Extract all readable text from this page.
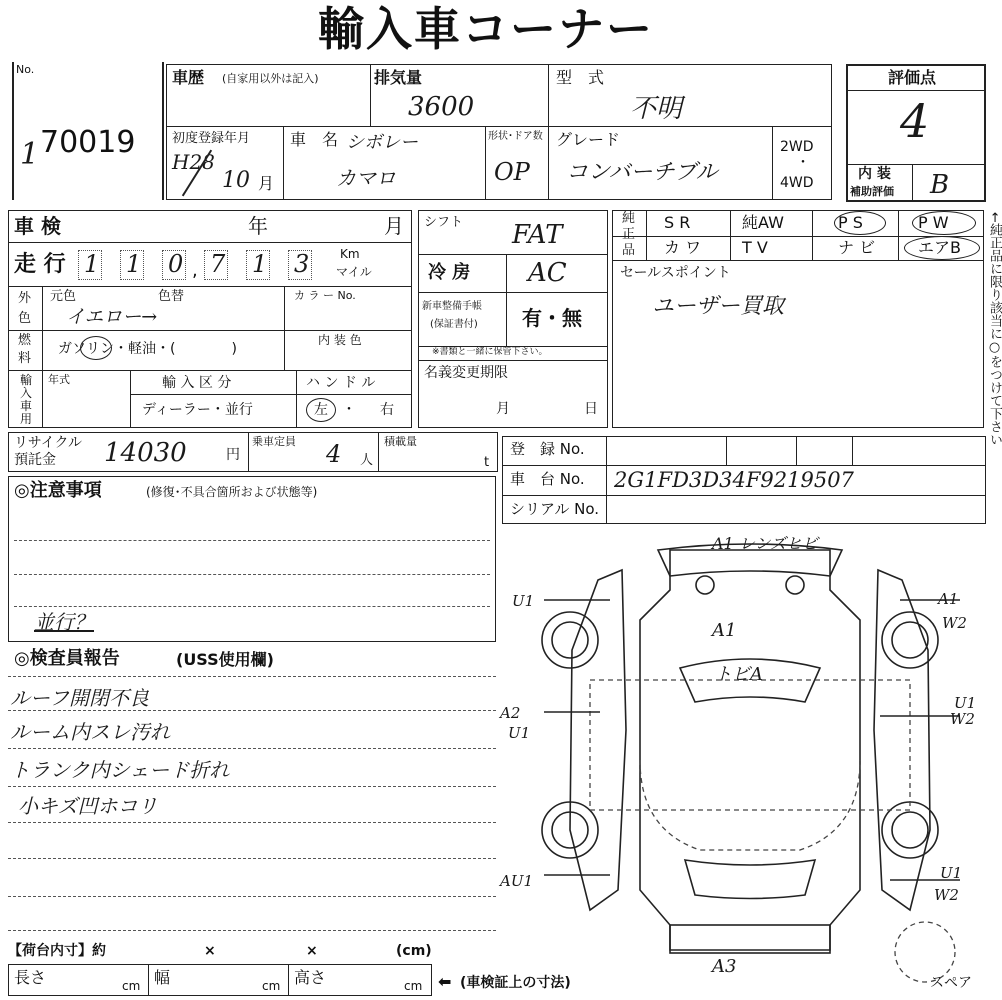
輸入車コーナー
No.
70019
1
車歴 (自家用以外は記入)	排気量
3600
型　式
不明
初度登録年月
H28
10 月
車　名 シボレー
カマロ
形状･ドア数
OP
グレード
コンバーチブル
2WD
・
4WD
評価点
4
内 装
補助評価 B
車 検	年	月
走 行 1 1 0 , 7 1 3	Km
マイル
外
色
元色	色替
イエロー→
カ ラ ー No.
燃
料
ガソリン・軽油・(　　　　)
内 装 色
輸
入
車
用
年式	輸 入 区 分
ディーラー・並行
ハ ン ド ル
左 ・ 右
シフト FAT
冷 房 AC
新車整備手帳
(保証書付) 有・無
※書類と一緒に保管下さい。
名義変更期限
月	日
純
正
品
S R	純AW	P S	P W
カ ワ	T V	ナ ビ	エアB
セールスポイント
ユーザー買取	←純正品に限り該当に○をつけて下さい
リサイクル
預託金 14030	円
乗車定員 4 人
積載量
t
登　録 No.
車　台 No. 2G1FD3D34F9219507
シリアル No.
◎注意事項	(修復･不具合箇所および状態等)
並行？
◎検査員報告	(USS使用欄)
ルーフ開閉不良
ルーム内スレ汚れ
トランク内シェード折れ
小キズ凹ホコリ
A1 レンズヒビ
A1
トビA
A3
スペア
U1
A2
U1
AU1
A1
W2
U1
W2
U1
W2
【荷台内寸】約	×	×	(cm)
長さ	cm 幅	cm 高さ	cm ⬅ (車検証上の寸法)
